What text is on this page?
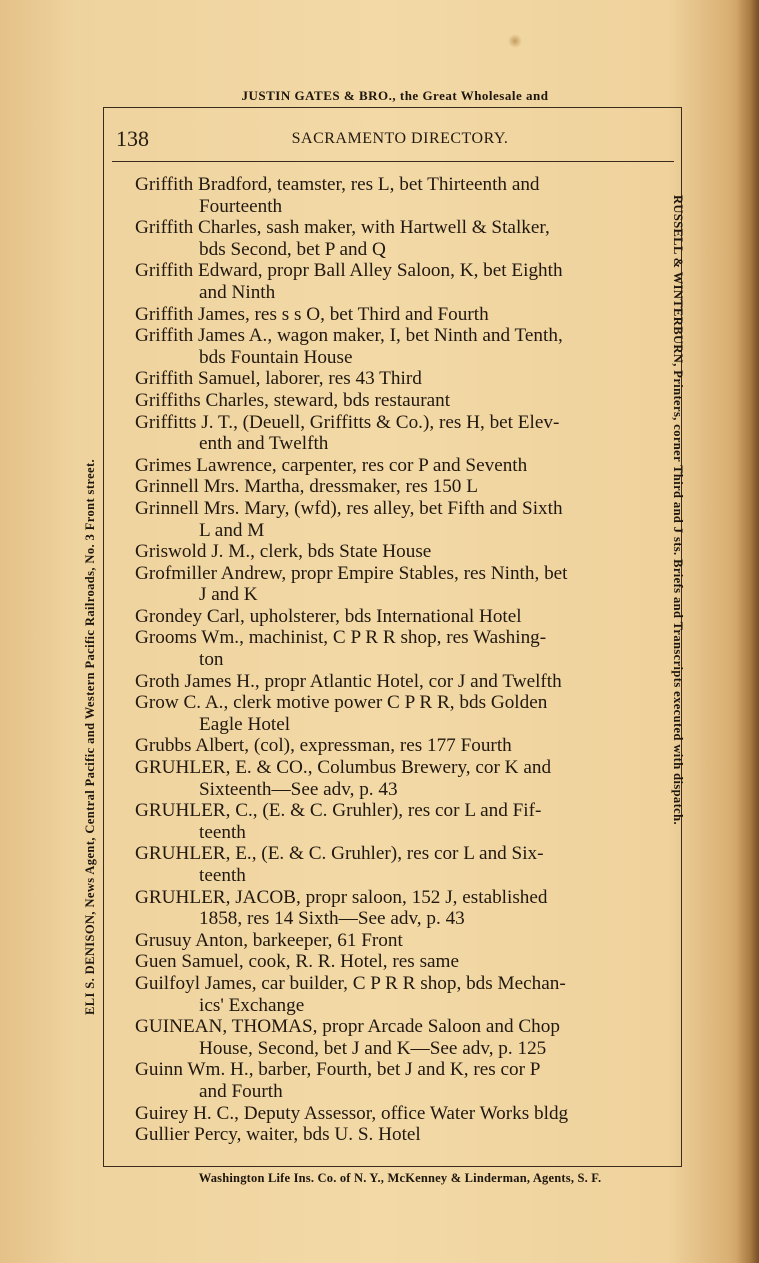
JUSTIN GATES & BRO., the Great Wholesale and
138	SACRAMENTO DIRECTORY.
Griffith Bradford, teamster, res L, bet Thirteenth and
Fourteenth
Griffith Charles, sash maker, with Hartwell & Stalker,
bds Second, bet P and Q
Griffith Edward, propr Ball Alley Saloon, K, bet Eighth
and Ninth
Griffith James, res s s O, bet Third and Fourth
Griffith James A., wagon maker, I, bet Ninth and Tenth,
bds Fountain House
Griffith Samuel, laborer, res 43 Third
Griffiths Charles, steward, bds restaurant
Griffitts J. T., (Deuell, Griffitts & Co.), res H, bet Elev-
enth and Twelfth
Grimes Lawrence, carpenter, res cor P and Seventh
Grinnell Mrs. Martha, dressmaker, res 150 L
Grinnell Mrs. Mary, (wfd), res alley, bet Fifth and Sixth
L and M
Griswold J. M., clerk, bds State House
Grofmiller Andrew, propr Empire Stables, res Ninth, bet
J and K
Grondey Carl, upholsterer, bds International Hotel
Grooms Wm., machinist, C P R R shop, res Washing-
ton
Groth James H., propr Atlantic Hotel, cor J and Twelfth
Grow C. A., clerk motive power C P R R, bds Golden
Eagle Hotel
Grubbs Albert, (col), expressman, res 177 Fourth
GRUHLER, E. & CO., Columbus Brewery, cor K and
Sixteenth—See adv, p. 43
GRUHLER, C., (E. & C. Gruhler), res cor L and Fif-
teenth
GRUHLER, E., (E. & C. Gruhler), res cor L and Six-
teenth
GRUHLER, JACOB, propr saloon, 152 J, established
1858, res 14 Sixth—See adv, p. 43
Grusuy Anton, barkeeper, 61 Front
Guen Samuel, cook, R. R. Hotel, res same
Guilfoyl James, car builder, C P R R shop, bds Mechan-
ics' Exchange
GUINEAN, THOMAS, propr Arcade Saloon and Chop
House, Second, bet J and K—See adv, p. 125
Guinn Wm. H., barber, Fourth, bet J and K, res cor P
and Fourth
Guirey H. C., Deputy Assessor, office Water Works bldg
Gullier Percy, waiter, bds U. S. Hotel
ELI S. DENISON, News Agent, Central Pacific and Western Pacific Railroads, No. 3 Front street.	RUSSELL & WINTERBURN, Printers, corner Third and J sts. Briefs and Transcripts executed with dispatch.
Washington Life Ins. Co. of N. Y., McKenney & Linderman, Agents, S. F.
